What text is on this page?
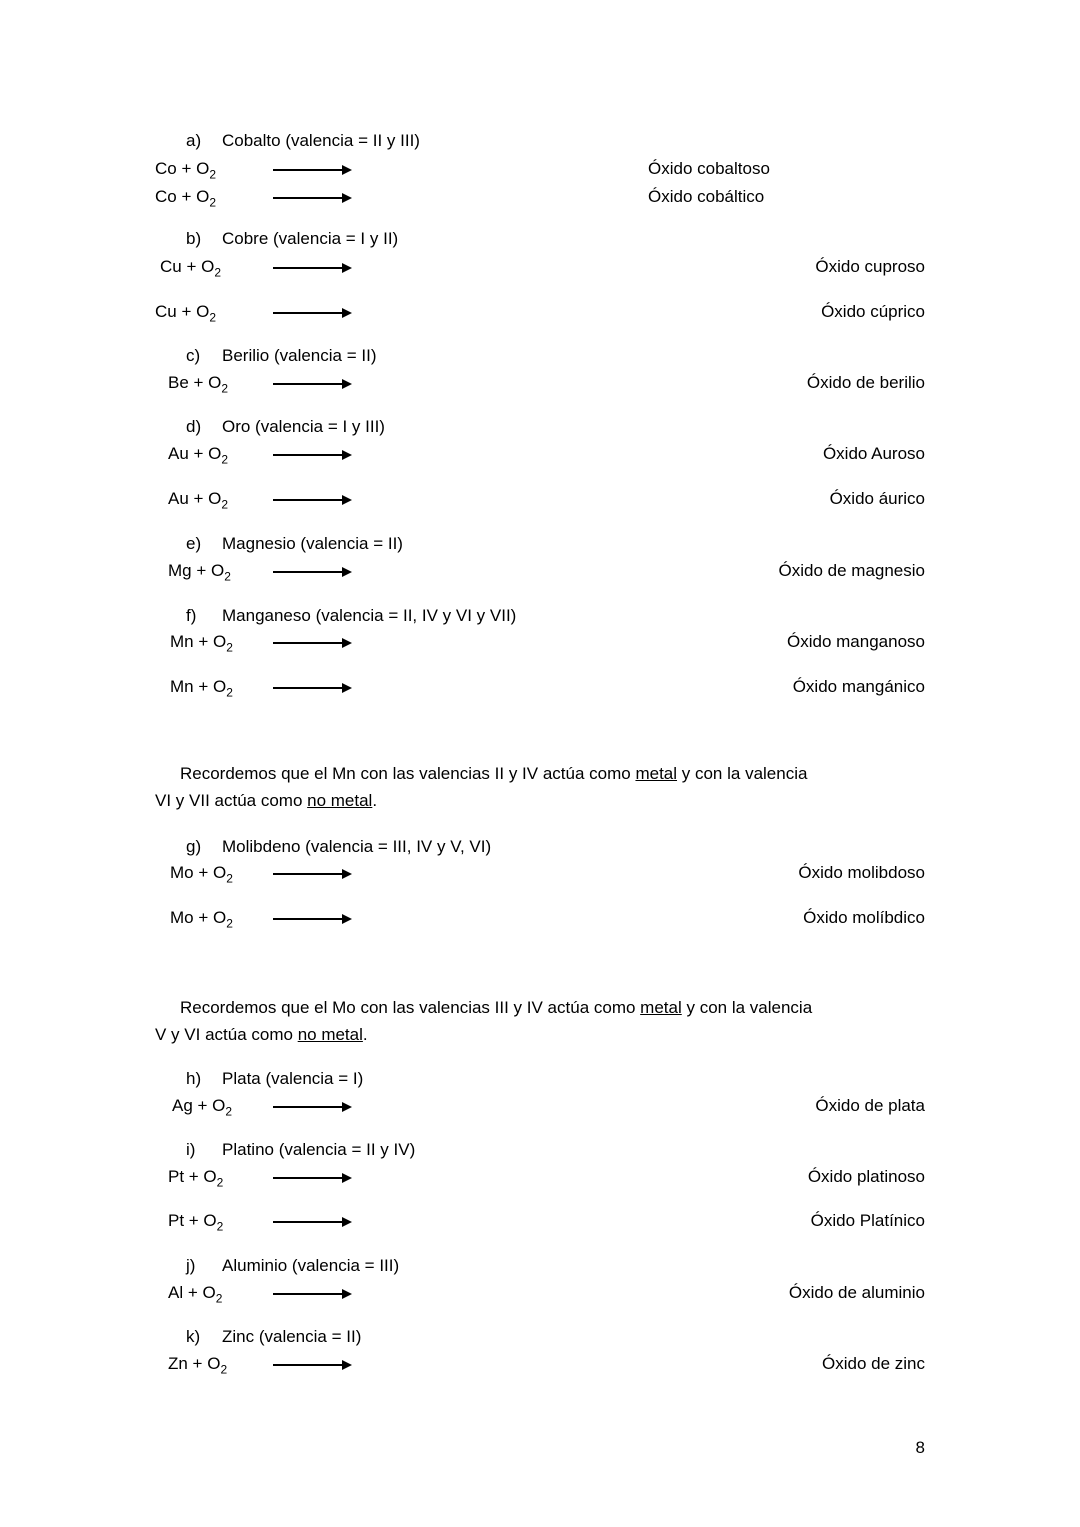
a) Cobalto (valencia = II y III)
$Co + O_2$	Óxido cobaltoso
$Co + O_2$	Óxido cobáltico
b) Cobre (valencia = I y II)
$Cu + O_2$	Óxido cuproso
$Cu + O_2$	Óxido cúprico
c) Berilio (valencia = II)
$Be + O_2$	Óxido de berilio
d) Oro (valencia = I y III)
$Au + O_2$	Óxido Auroso
$Au + O_2$	Óxido áurico
e) Magnesio (valencia = II)
$Mg + O_2$	Óxido de magnesio
f) Manganeso (valencia = II, IV y VI y VII)
$Mn + O_2$	Óxido manganoso
$Mn + O_2$	Óxido mangánico
Recordemos que el Mn con las valencias II y IV actúa como metal y con la valencia
VI y VII actúa como no metal.
g) Molibdeno (valencia = III, IV y V, VI)
$Mo + O_2$	Óxido molibdoso
$Mo + O_2$	Óxido molíbdico
Recordemos que el Mo con las valencias III y IV actúa como metal y con la valencia
V y VI actúa como no metal.
h) Plata (valencia = I)
$Ag + O_2$	Óxido de plata
i) Platino (valencia = II y IV)
$Pt + O_2$	Óxido platinoso
$Pt + O_2$	Óxido Platínico
j) Aluminio (valencia = III)
$Al + O_2$	Óxido de aluminio
k) Zinc (valencia = II)
$Zn + O_2$	Óxido de zinc
8
